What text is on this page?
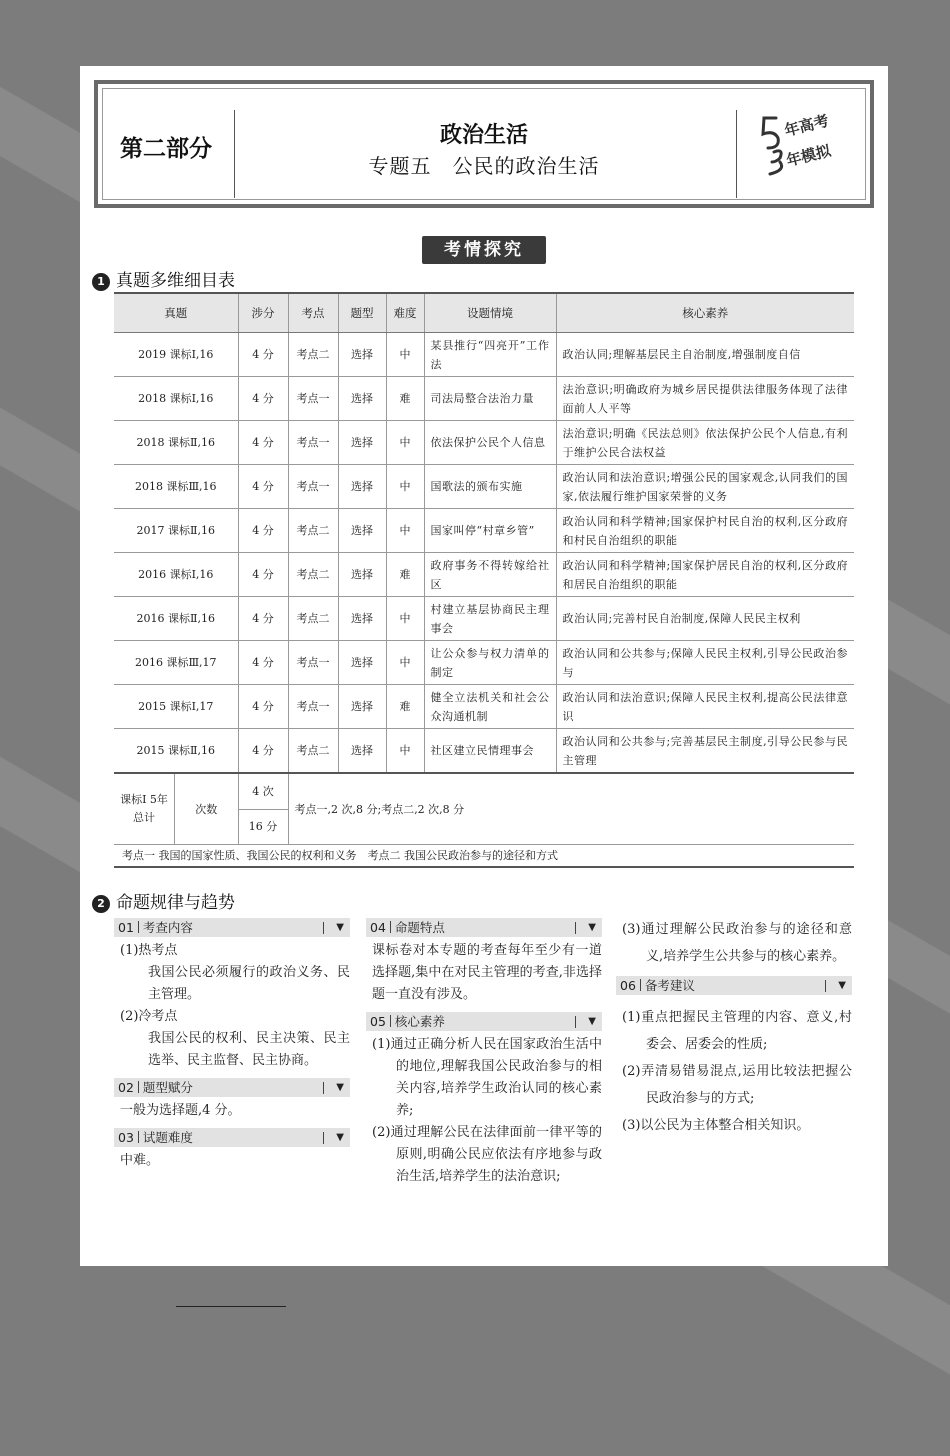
第二部分
政治生活
专题五　公民的政治生活
年高考
年模拟
考情探究
1 真题多维细目表
真题	涉分	考点	题型	难度	设题情境	核心素养
2019 课标Ⅰ,16	4 分	考点二	选择	中	某县推行“四亮开”工作法	政治认同;理解基层民主自治制度,增强制度自信
2018 课标Ⅰ,16	4 分	考点一	选择	难	司法局整合法治力量	法治意识;明确政府为城乡居民提供法律服务体现了法律面前人人平等
2018 课标Ⅱ,16	4 分	考点一	选择	中	依法保护公民个人信息	法治意识;明确《民法总则》依法保护公民个人信息,有利于维护公民合法权益
2018 课标Ⅲ,16	4 分	考点一	选择	中	国歌法的颁布实施	政治认同和法治意识;增强公民的国家观念,认同我们的国家,依法履行维护国家荣誉的义务
2017 课标Ⅱ,16	4 分	考点二	选择	中	国家叫停“村章乡管”	政治认同和科学精神;国家保护村民自治的权利,区分政府和村民自治组织的职能
2016 课标Ⅰ,16	4 分	考点二	选择	难	政府事务不得转嫁给社区	政治认同和科学精神;国家保护居民自治的权利,区分政府和居民自治组织的职能
2016 课标Ⅱ,16	4 分	考点二	选择	中	村建立基层协商民主理事会	政治认同;完善村民自治制度,保障人民民主权利
2016 课标Ⅲ,17	4 分	考点一	选择	中	让公众参与权力清单的制定	政治认同和公共参与;保障人民民主权利,引导公民政治参与
2015 课标Ⅰ,17	4 分	考点一	选择	难	健全立法机关和社会公众沟通机制	政治认同和法治意识;保障人民民主权利,提高公民法律意识
2015 课标Ⅱ,16	4 分	考点二	选择	中	社区建立民情理事会	政治认同和公共参与;完善基层民主制度,引导公民参与民主管理

课标Ⅰ 5年 总计
次数	4 次	考点一,2 次,8 分;考点二,2 次,8 分				
	16 分					
考点一 我国的国家性质、我国公民的权利和义务　考点二 我国公民政治参与的途径和方式
2 命题规律与趋势
01 考查内容	▼
(1)热考点
我国公民必须履行的政治义务、民主管理。
(2)冷考点
我国公民的权利、民主决策、民主选举、民主监督、民主协商。
02 题型赋分	▼
一般为选择题,4 分。
03 试题难度	▼
中难。
04 命题特点	▼
课标卷对本专题的考查每年至少有一道选择题,集中在对民主管理的考查,非选择题一直没有涉及。
05 核心素养	▼
(1)通过正确分析人民在国家政治生活中的地位,理解我国公民政治参与的相关内容,培养学生政治认同的核心素养;
(2)通过理解公民在法律面前一律平等的原则,明确公民应依法有序地参与政治生活,培养学生的法治意识;
(3)通过理解公民政治参与的途径和意义,培养学生公共参与的核心素养。
06 备考建议	▼
(1)重点把握民主管理的内容、意义,村委会、居委会的性质;
(2)弄清易错易混点,运用比较法把握公民政治参与的方式;
(3)以公民为主体整合相关知识。
